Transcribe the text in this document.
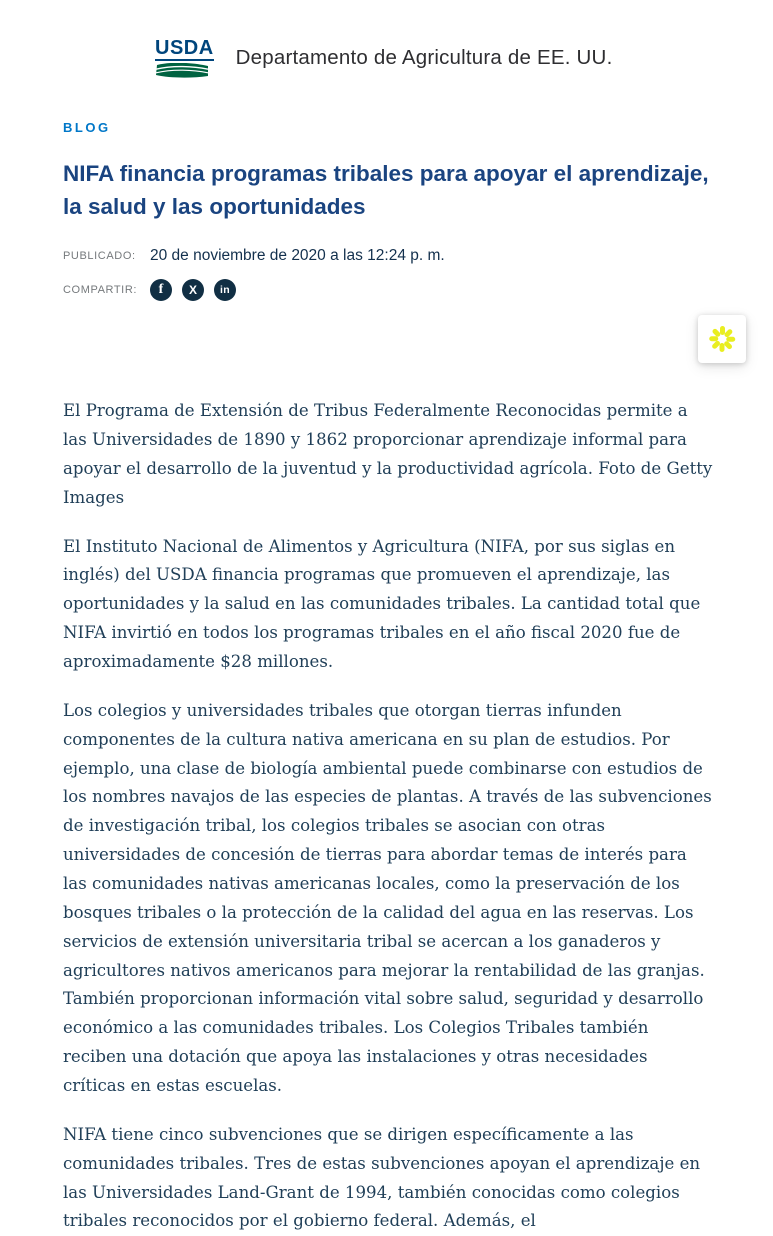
USDA Departamento de Agricultura de EE. UU.
BLOG
NIFA financia programas tribales para apoyar el aprendizaje, la salud y las oportunidades
PUBLICADO: 20 de noviembre de 2020 a las 12:24 p. m.
COMPARTIR:	f X in

El Programa de Extensión de Tribus Federalmente Reconocidas permite a las Universidades de 1890 y 1862 proporcionar aprendizaje informal para apoyar el desarrollo de la juventud y la productividad agrícola. Foto de Getty Images

El Instituto Nacional de Alimentos y Agricultura (NIFA, por sus siglas en inglés) del USDA financia programas que promueven el aprendizaje, las oportunidades y la salud en las comunidades tribales. La cantidad total que NIFA invirtió en todos los programas tribales en el año fiscal 2020 fue de aproximadamente $28 millones.

Los colegios y universidades tribales que otorgan tierras infunden componentes de la cultura nativa americana en su plan de estudios. Por ejemplo, una clase de biología ambiental puede combinarse con estudios de los nombres navajos de las especies de plantas. A través de las subvenciones de investigación tribal, los colegios tribales se asocian con otras universidades de concesión de tierras para abordar temas de interés para las comunidades nativas americanas locales, como la preservación de los bosques tribales o la protección de la calidad del agua en las reservas. Los servicios de extensión universitaria tribal se acercan a los ganaderos y agricultores nativos americanos para mejorar la rentabilidad de las granjas. También proporcionan información vital sobre salud, seguridad y desarrollo económico a las comunidades tribales. Los Colegios Tribales también reciben una dotación que apoya las instalaciones y otras necesidades críticas en estas escuelas.

NIFA tiene cinco subvenciones que se dirigen específicamente a las comunidades tribales. Tres de estas subvenciones apoyan el aprendizaje en las Universidades Land-Grant de 1994, también conocidas como colegios tribales reconocidos por el gobierno federal. Además, el
